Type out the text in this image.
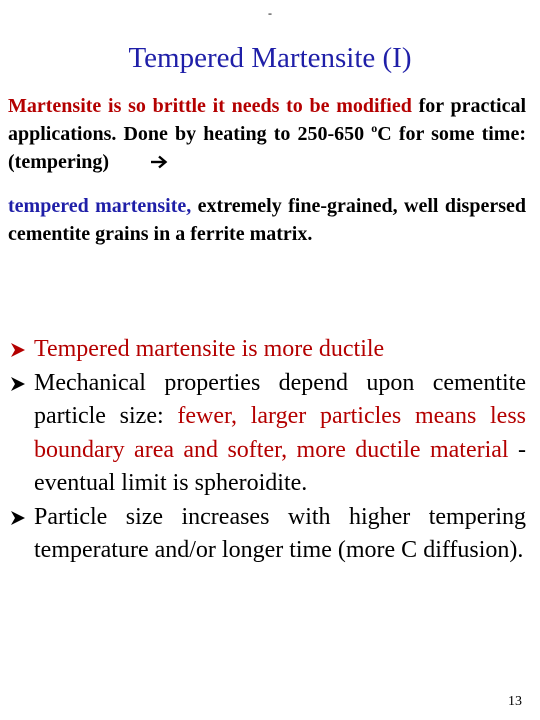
-
Tempered Martensite (I)
Martensite is so brittle it needs to be modified for practical applications. Done by heating to 250-650 $^o$C for some time: (tempering)
tempered martensite, extremely fine-grained, well dispersed cementite grains in a ferrite matrix.
Tempered martensite is more ductile
Mechanical properties depend upon cementite particle size: fewer, larger particles means less boundary area and softer, more ductile material - eventual limit is spheroidite.
Particle size increases with higher tempering temperature and/or longer time (more C diffusion).
13
